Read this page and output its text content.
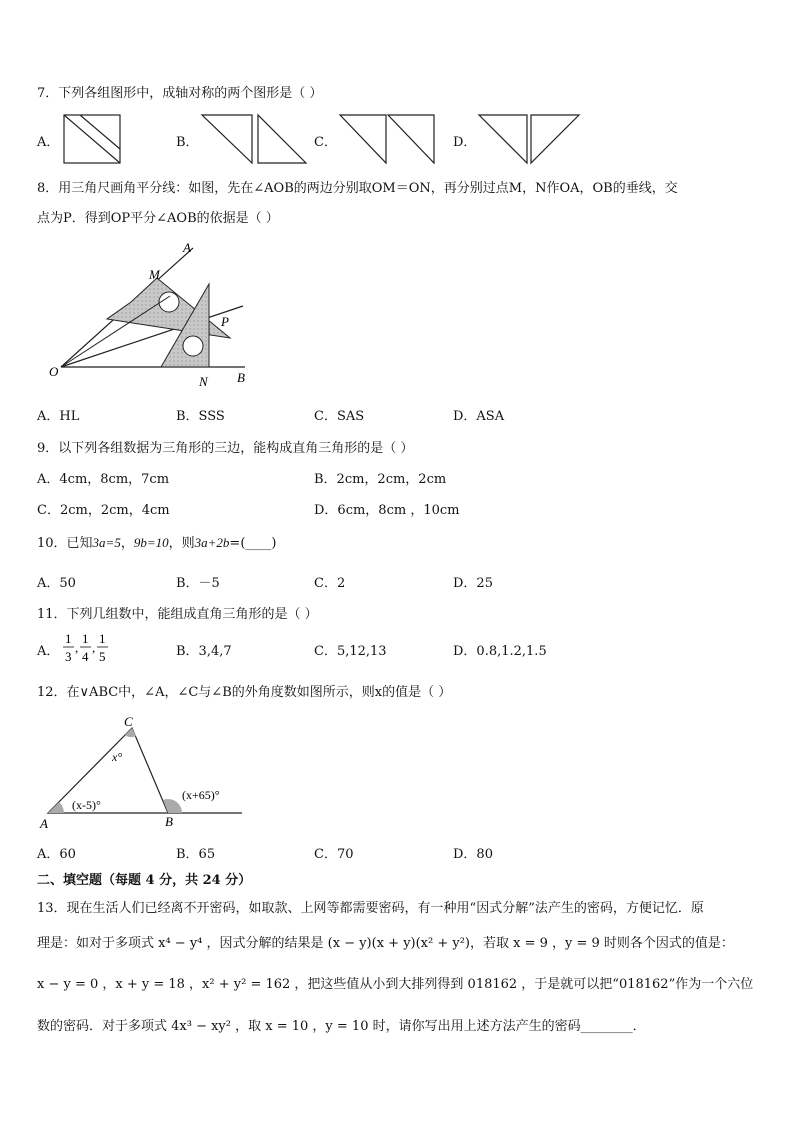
7．下列各组图形中，成轴对称的两个图形是（ ）
A．	B．	C．	D．
8．用三角尺画角平分线：如图，先在∠AOB的两边分别取OM＝ON，再分别过点M，N作OA，OB的垂线，交
点为P．得到OP平分∠AOB的依据是（ ）
A
M
P
O
N B
A．HL	B．SSS	C．SAS	D．ASA
9．以下列各组数据为三角形的三边，能构成直角三角形的是（ ）
A．4cm，8cm，7cm	B．2cm，2cm，2cm
C．2cm，2cm，4cm	D．6cm，8cm ，10cm
10．已知3a=5，9b=10，则3a+2b=(____)
A．50	B．－5	C．2	D．25
11．下列几组数中，能组成直角三角形的是（ ）
A．
1
3
,
1
4
,
1
5	B．3,4,7	C．5,12,13	D．0.8,1.2,1.5
12．在∨ABC中，∠A，∠C与∠B的外角度数如图所示，则x的值是（ ）
C
x°
(x+65)°
(x-5)°
A	B
A．60	B．65	C．70	D．80
二、填空题（每题 4 分，共 24 分）
13．现在生活人们已经离不开密码，如取款、上网等都需要密码，有一种用“因式分解”法产生的密码，方便记忆．原
理是：如对于多项式 x⁴ − y⁴ ，因式分解的结果是 (x − y)(x + y)(x² + y²)，若取 x = 9 ，y = 9 时则各个因式的值是：
x − y = 0 ，x + y = 18 ，x² + y² = 162 ，把这些值从小到大排列得到 018162 ，于是就可以把“018162”作为一个六位
数的密码．对于多项式 4x³ − xy² ，取 x = 10 ，y = 10 时，请你写出用上述方法产生的密码________．
